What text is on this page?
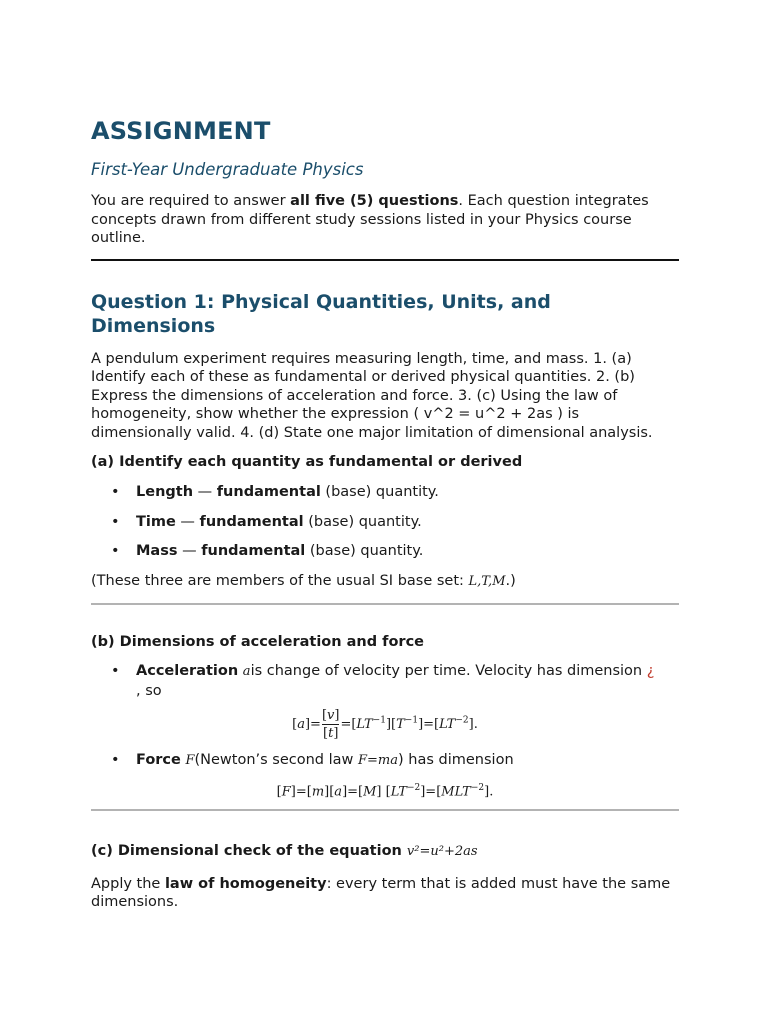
ASSIGNMENT
First-Year Undergraduate Physics

You are required to answer all five (5) questions. Each question integrates concepts drawn from different study sessions listed in your Physics course outline.

Question 1: Physical Quantities, Units, and Dimensions

A pendulum experiment requires measuring length, time, and mass. 1. (a) Identify each of these as fundamental or derived physical quantities. 2. (b) Express the dimensions of acceleration and force. 3. (c) Using the law of homogeneity, show whether the expression ( v^2 = u^2 + 2as ) is dimensionally valid. 4. (d) State one major limitation of dimensional analysis.

(a) Identify each quantity as fundamental or derived
• Length — fundamental (base) quantity.
• Time — fundamental (base) quantity.
• Mass — fundamental (base) quantity.

(These three are members of the usual SI base set: L,T,M.)

(b) Dimensions of acceleration and force
• Acceleration ais change of velocity per time. Velocity has dimension ¿
, so
$[a]= \frac{[v]}{[t]} =[LT^{-1}][T^{-1}]=[LT^{-2}]$.
• Force F(Newton’s second law F=ma) has dimension
[F]=[m][a]=[M] $[LT^{-2}]=[MLT^{-2}]$.
(c) Dimensional check of the equation v²=u²+2as

Apply the law of homogeneity: every term that is added must have the same dimensions.
